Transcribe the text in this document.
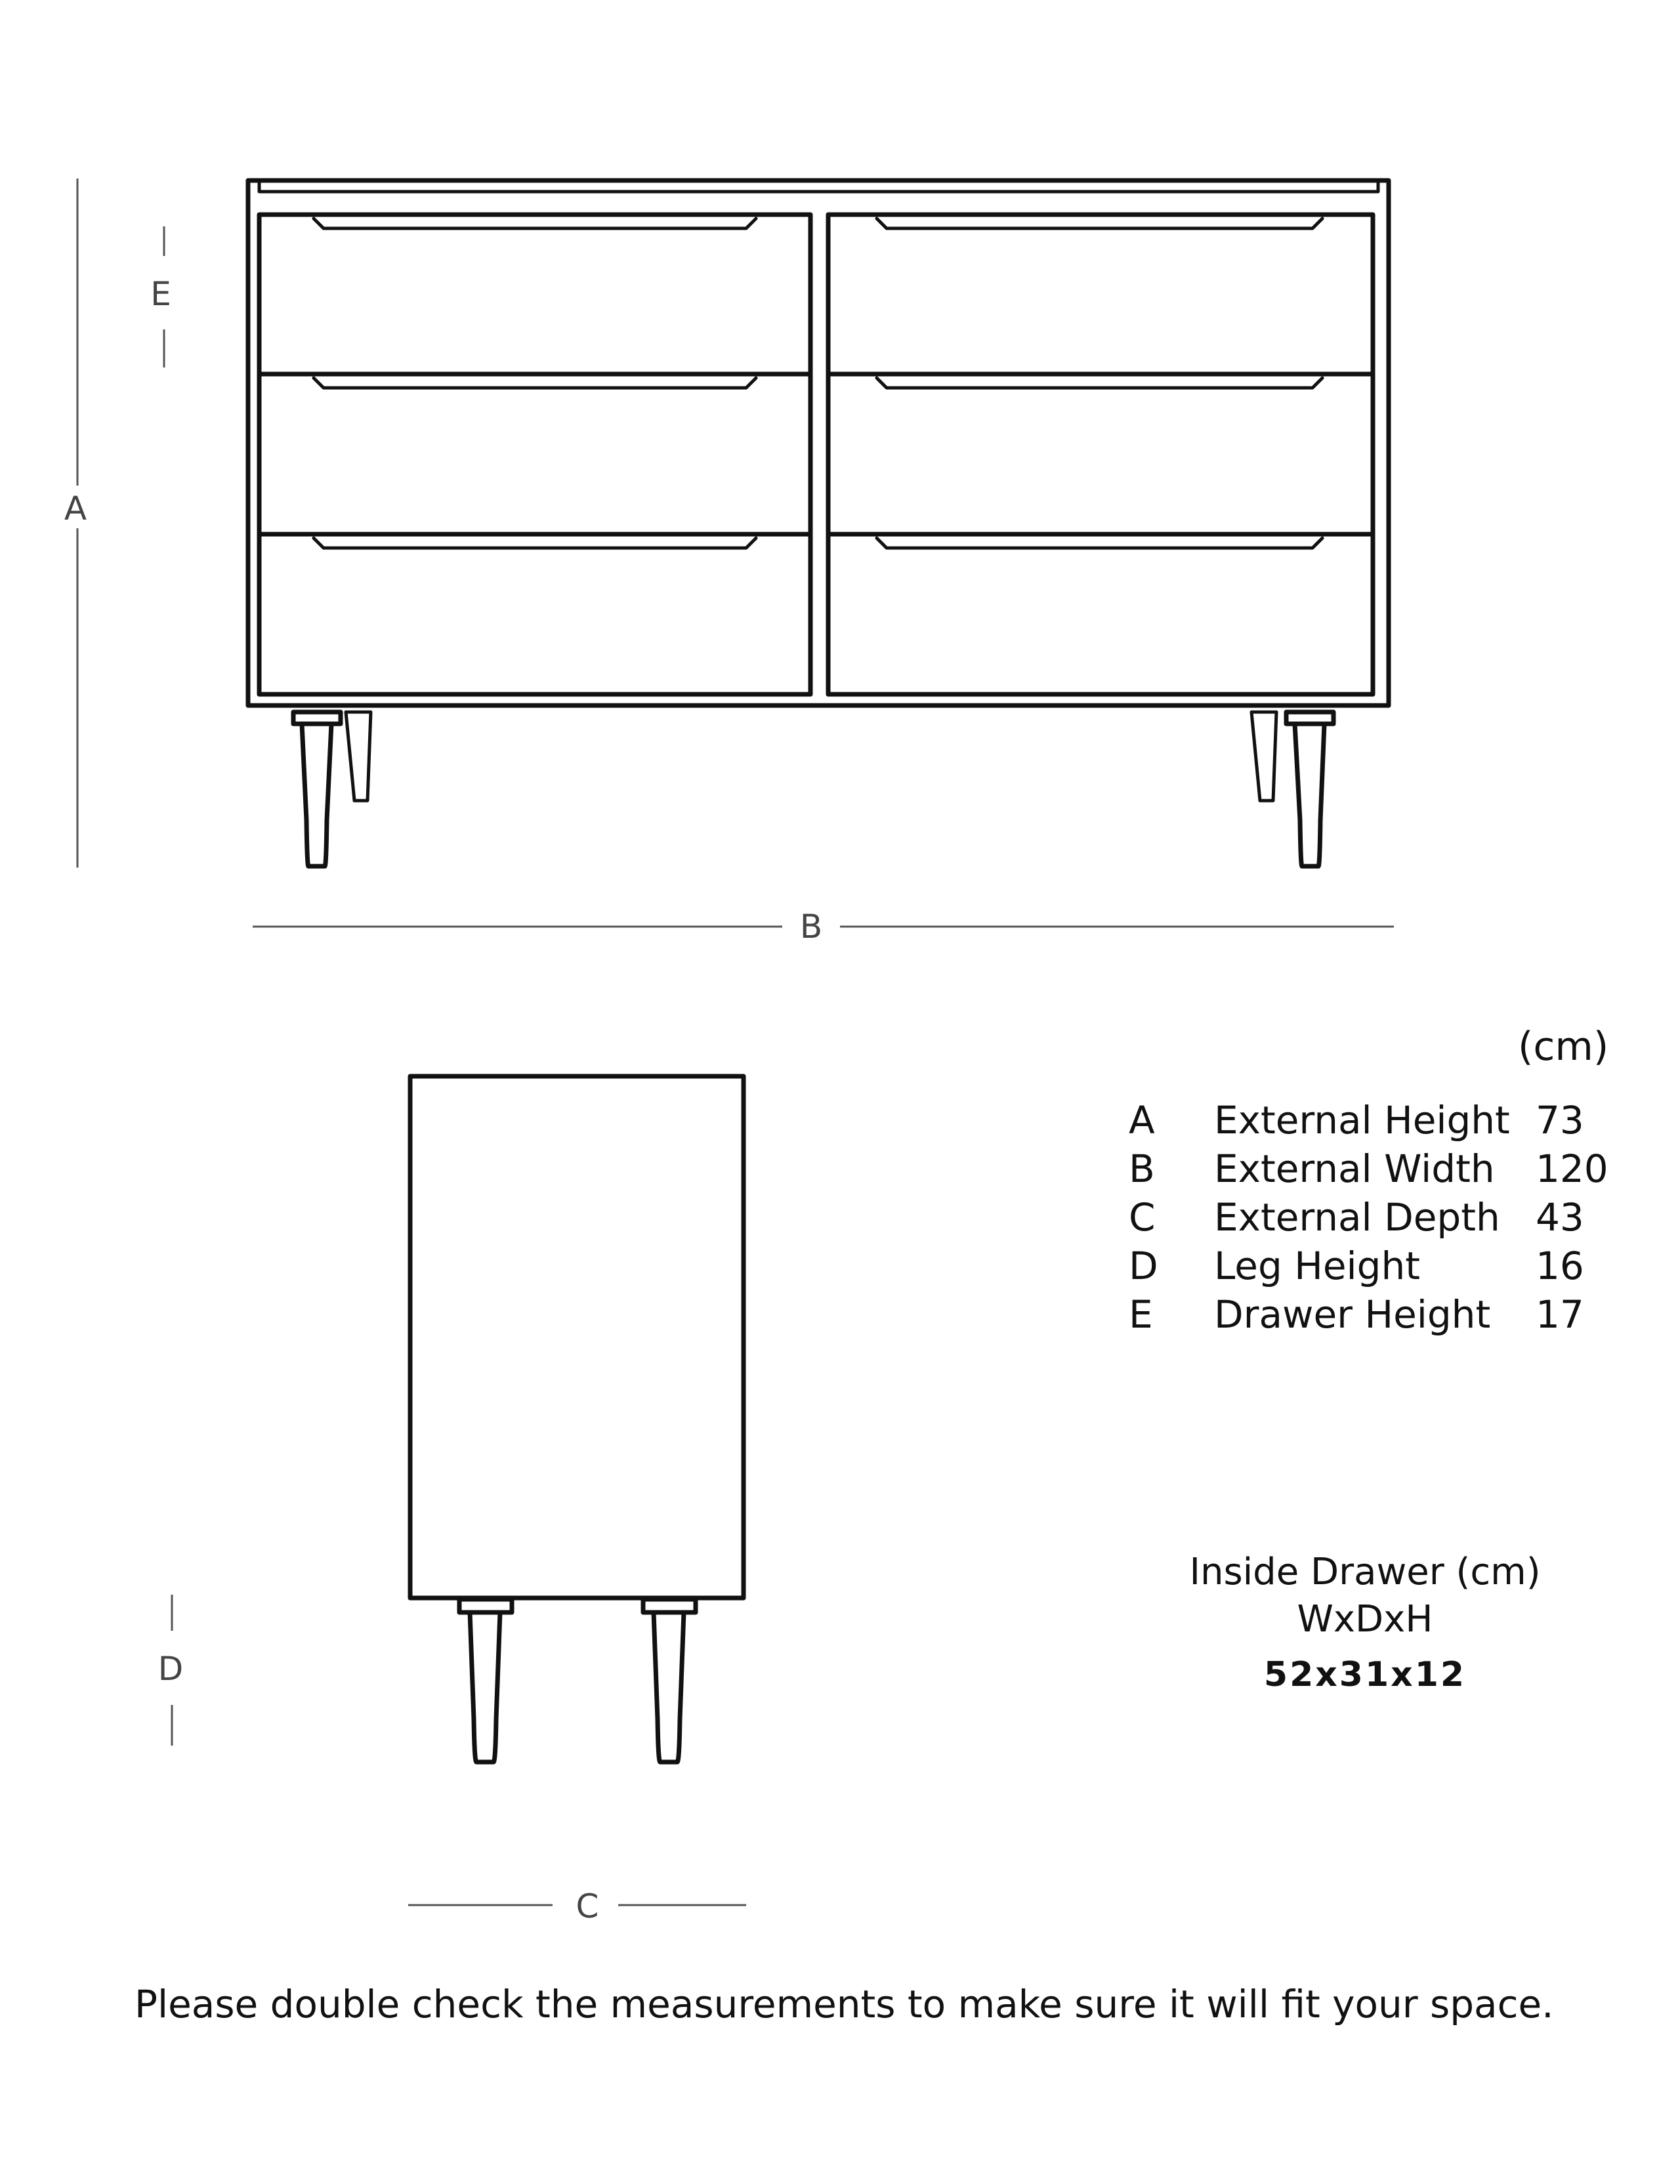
A
E
B
D
C
(cm)
A	External Height	73
B	External Width	120
C	External Depth	43
D	Leg Height	16
E	Drawer Height	17
Inside Drawer (cm)
WxDxH
52x31x12
Please double check the measurements to make sure it will fit your space.
